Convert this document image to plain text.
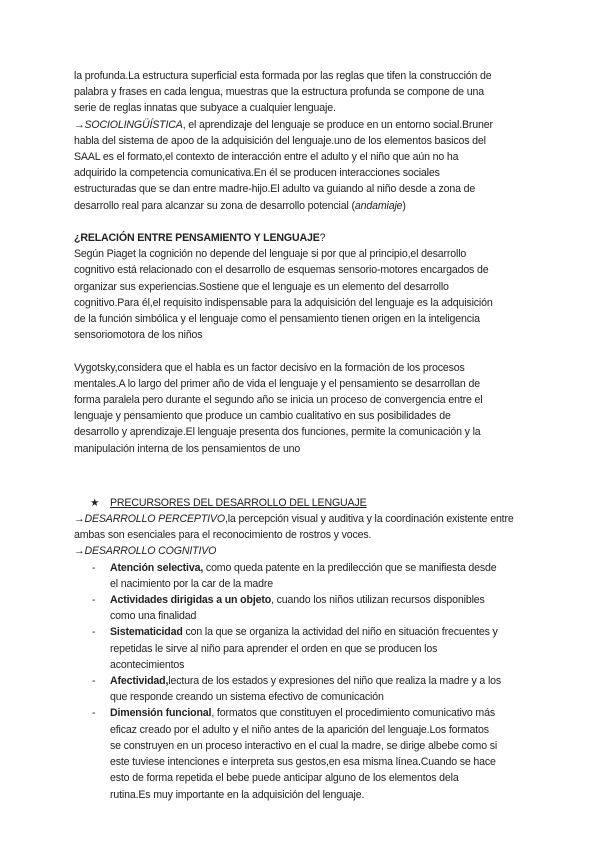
la profunda.La estructura superficial esta formada por las reglas que tifen la construcción de
palabra y frases en cada lengua, muestras que la estructura profunda se compone de una
serie de reglas innatas que subyace a cualquier lenguaje.
→SOCIOLINGÜÍSTICA, el aprendizaje del lenguaje se produce en un entorno social.Bruner
habla del sistema de apoo de la adquisición del lenguaje.uno de los elementos basicos del
SAAL es el formato,el contexto de interacción entre el adulto y el niño que aún no ha
adquirido la competencia comunicativa.En él se producen interacciones sociales
estructuradas que se dan entre madre-hijo.El adulto va guiando al niño desde a zona de
desarrollo real para alcanzar su zona de desarrollo potencial (andamiaje)
¿RELACIÓN ENTRE PENSAMIENTO Y LENGUAJE?
Según Piaget la cognición no depende del lenguaje si por que al principio,el desarrollo
cognitivo está relacionado con el desarrollo de esquemas sensorio-motores encargados de
organizar sus experiencias.Sostiene que el lenguaje es un elemento del desarrollo
cognitivo.Para él,el requisito indispensable para la adquisición del lenguaje es la adquisición
de la función simbólica y el lenguaje como el pensamiento tienen origen en la inteligencia
sensoriomotora de los niños
Vygotsky,considera que el habla es un factor decisivo en la formación de los procesos
mentales.A lo largo del primer año de vida el lenguaje y el pensamiento se desarrollan de
forma paralela pero durante el segundo año se inicia un proceso de convergencia entre el
lenguaje y pensamiento que produce un cambio cualitativo en sus posibilidades de
desarrollo y aprendizaje.El lenguaje presenta dos funciones, permite la comunicación y la
manipulación interna de los pensamientos de uno
★ PRECURSORES DEL DESARROLLO DEL LENGUAJE
→DESARROLLO PERCEPTIVO,la percepción visual y auditiva y la coordinación existente entre
ambas son esenciales para el reconocimiento de rostros y voces.
→DESARROLLO COGNITIVO
- Atención selectiva, como queda patente en la predilección que se manifiesta desde
el nacimiento por la car de la madre
- Actividades dirigidas a un objeto, cuando los niños utilizan recursos disponibles
como una finalidad
- Sistematicidad con la que se organiza la actividad del niño en situación frecuentes y
repetidas le sirve al niño para aprender el orden en que se producen los
acontecimientos
- Afectividad,lectura de los estados y expresiones del niño que realiza la madre y a los
que responde creando un sistema efectivo de comunicación
- Dimensión funcional, formatos que constituyen el procedimiento comunicativo más
eficaz creado por el adulto y el niño antes de la aparición del lenguaje.Los formatos
se construyen en un proceso interactivo en el cual la madre, se dirige albebe como si
este tuviese intenciones e interpreta sus gestos,en esa misma línea.Cuando se hace
esto de forma repetida el bebe puede anticipar alguno de los elementos dela
rutina.Es muy importante en la adquisición del lenguaje.
